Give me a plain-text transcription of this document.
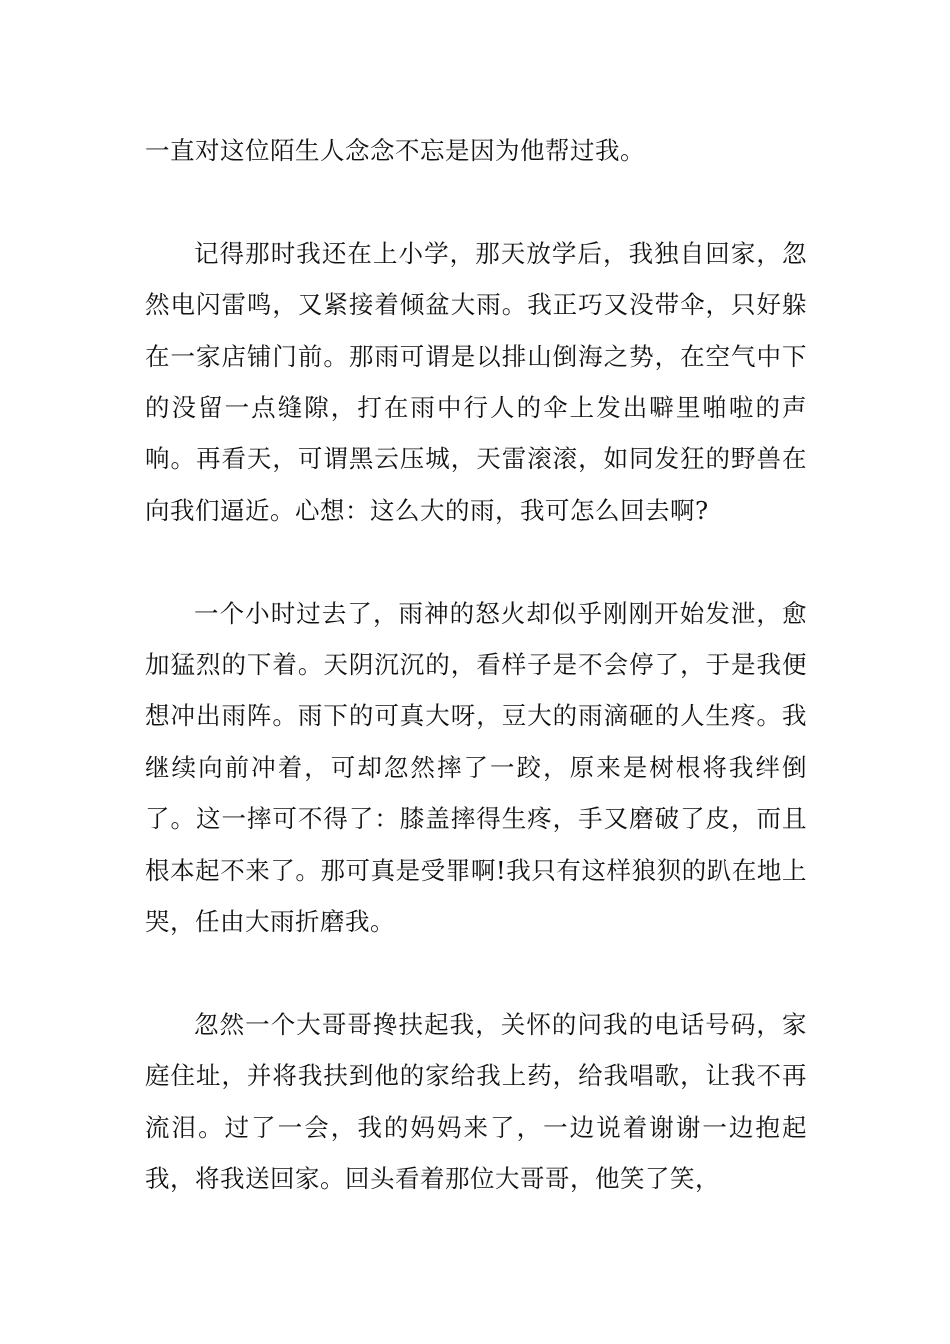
一直对这位陌生人念念不忘是因为他帮过我。

记得那时我还在上小学，那天放学后，我独自回家，忽然电闪雷鸣，又紧接着倾盆大雨。我正巧又没带伞，只好躲在一家店铺门前。那雨可谓是以排山倒海之势，在空气中下的没留一点缝隙，打在雨中行人的伞上发出噼里啪啦的声响。再看天，可谓黑云压城，天雷滚滚，如同发狂的野兽在向我们逼近。心想：这么大的雨，我可怎么回去啊?

一个小时过去了，雨神的怒火却似乎刚刚开始发泄，愈加猛烈的下着。天阴沉沉的，看样子是不会停了，于是我便想冲出雨阵。雨下的可真大呀，豆大的雨滴砸的人生疼。我继续向前冲着，可却忽然摔了一跤，原来是树根将我绊倒了。这一摔可不得了：膝盖摔得生疼，手又磨破了皮，而且根本起不来了。那可真是受罪啊!我只有这样狼狈的趴在地上哭，任由大雨折磨我。

忽然一个大哥哥搀扶起我，关怀的问我的电话号码，家庭住址，并将我扶到他的家给我上药，给我唱歌，让我不再流泪。过了一会，我的妈妈来了，一边说着谢谢一边抱起我，将我送回家。回头看着那位大哥哥，他笑了笑，
